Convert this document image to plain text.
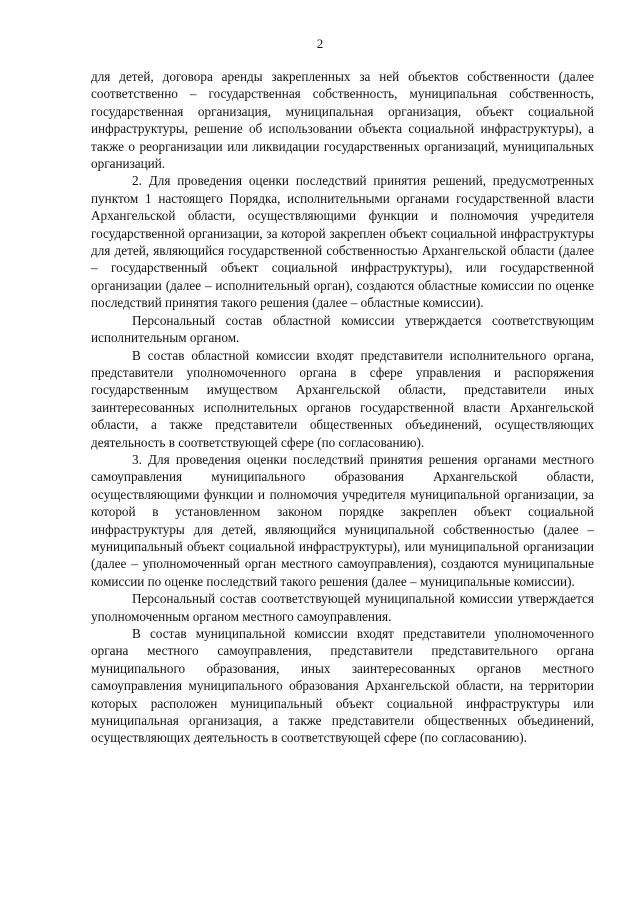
2

для детей, договора аренды закрепленных за ней объектов собственности (далее соответственно – государственная собственность, муниципальная собственность, государственная организация, муниципальная организация, объект социальной инфраструктуры, решение об использовании объекта социальной инфраструктуры), а также о реорганизации или ликвидации государственных организаций, муниципальных организаций.

2. Для проведения оценки последствий принятия решений, предусмотренных пунктом 1 настоящего Порядка, исполнительными органами государственной власти Архангельской области, осуществляющими функции и полномочия учредителя государственной организации, за которой закреплен объект социальной инфраструктуры для детей, являющийся государственной собственностью Архангельской области (далее – государственный объект социальной инфраструктуры), или государственной организации (далее – исполнительный орган), создаются областные комиссии по оценке последствий принятия такого решения (далее – областные комиссии).

Персональный состав областной комиссии утверждается соответствующим исполнительным органом.

В состав областной комиссии входят представители исполнительного органа, представители уполномоченного органа в сфере управления и распоряжения государственным имуществом Архангельской области, представители иных заинтересованных исполнительных органов государственной власти Архангельской области, а также представители общественных объединений, осуществляющих деятельность в соответствующей сфере (по согласованию).

3. Для проведения оценки последствий принятия решения органами местного самоуправления муниципального образования Архангельской области, осуществляющими функции и полномочия учредителя муниципальной организации, за которой в установленном законом порядке закреплен объект социальной инфраструктуры для детей, являющийся муниципальной собственностью (далее – муниципальный объект социальной инфраструктуры), или муниципальной организации (далее – уполномоченный орган местного самоуправления), создаются муниципальные комиссии по оценке последствий такого решения (далее – муниципальные комиссии).

Персональный состав соответствующей муниципальной комиссии утверждается уполномоченным органом местного самоуправления.

В состав муниципальной комиссии входят представители уполномоченного органа местного самоуправления, представители представительного органа муниципального образования, иных заинтересованных органов местного самоуправления муниципального образования Архангельской области, на территории которых расположен муниципальный объект социальной инфраструктуры или муниципальная организация, а также представители общественных объединений, осуществляющих деятельность в соответствующей сфере (по согласованию).
